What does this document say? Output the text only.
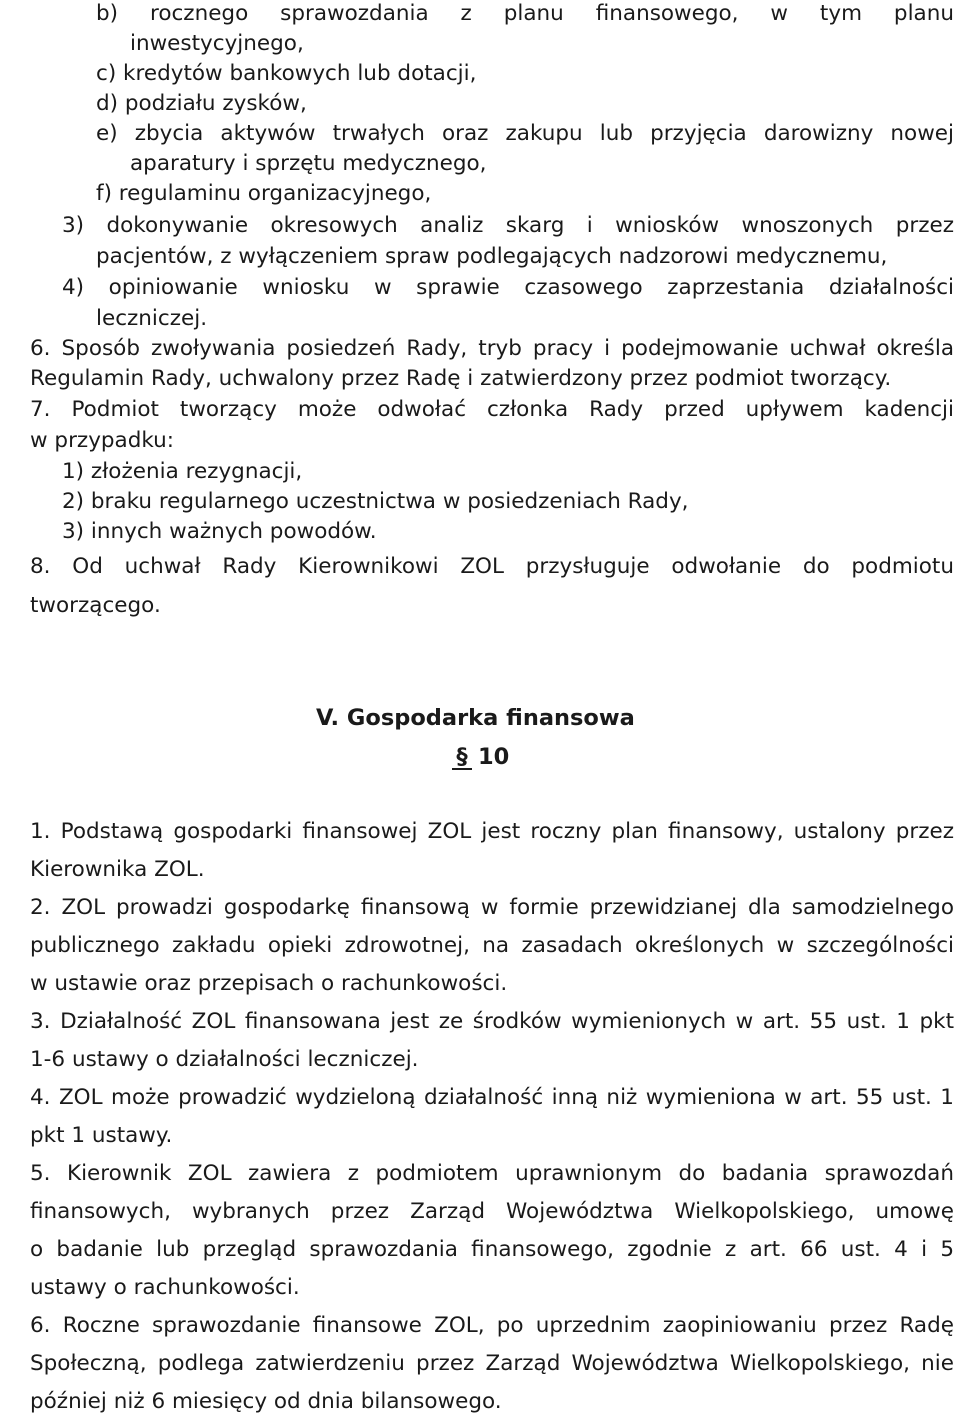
b) rocznego sprawozdania z planu finansowego, w tym planu
inwestycyjnego,
c) kredytów bankowych lub dotacji,
d) podziału zysków,
e) zbycia aktywów trwałych oraz zakupu lub przyjęcia darowizny nowej
aparatury i sprzętu medycznego,
f) regulaminu organizacyjnego,
3) dokonywanie okresowych analiz skarg i wniosków wnoszonych przez
pacjentów, z wyłączeniem spraw podlegających nadzorowi medycznemu,
4) opiniowanie wniosku w sprawie czasowego zaprzestania działalności
leczniczej.
6. Sposób zwoływania posiedzeń Rady, tryb pracy i podejmowanie uchwał określa
Regulamin Rady, uchwalony przez Radę i zatwierdzony przez podmiot tworzący.
7. Podmiot tworzący może odwołać członka Rady przed upływem kadencji
w przypadku:
1) złożenia rezygnacji,
2) braku regularnego uczestnictwa w posiedzeniach Rady,
3) innych ważnych powodów.
8. Od uchwał Rady Kierownikowi ZOL przysługuje odwołanie do podmiotu
tworzącego.
V. Gospodarka finansowa
§ 10
1. Podstawą gospodarki finansowej ZOL jest roczny plan finansowy, ustalony przez
Kierownika ZOL.
2. ZOL prowadzi gospodarkę finansową w formie przewidzianej dla samodzielnego
publicznego zakładu opieki zdrowotnej, na zasadach określonych w szczególności
w ustawie oraz przepisach o rachunkowości.
3. Działalność ZOL finansowana jest ze środków wymienionych w art. 55 ust. 1 pkt
1-6 ustawy o działalności leczniczej.
4. ZOL może prowadzić wydzieloną działalność inną niż wymieniona w art. 55 ust. 1
pkt 1 ustawy.
5. Kierownik ZOL zawiera z podmiotem uprawnionym do badania sprawozdań
finansowych, wybranych przez Zarząd Województwa Wielkopolskiego, umowę
o badanie lub przegląd sprawozdania finansowego, zgodnie z art. 66 ust. 4 i 5
ustawy o rachunkowości.
6. Roczne sprawozdanie finansowe ZOL, po uprzednim zaopiniowaniu przez Radę
Społeczną, podlega zatwierdzeniu przez Zarząd Województwa Wielkopolskiego, nie
później niż 6 miesięcy od dnia bilansowego.
